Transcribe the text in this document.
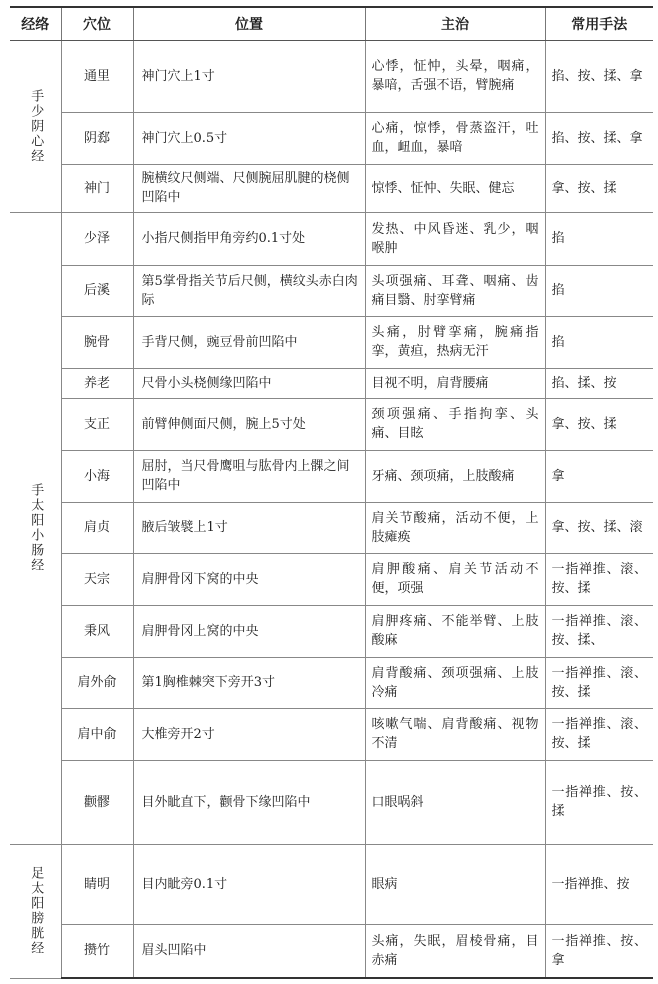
经络	穴位	位置	主治	常用手法
手少阴心经	通里	神门穴上1寸	心悸，怔忡，头晕，咽痛，暴喑，舌强不语，臂腕痛	掐、按、揉、拿
	阴郄	神门穴上0.5寸	心痛，惊悸，骨蒸盗汗，吐血，衄血，暴喑	掐、按、揉、拿
	神门	腕横纹尺侧端、尺侧腕屈肌腱的桡侧凹陷中	惊悸、怔忡、失眠、健忘	拿、按、揉
手太阳小肠经	少泽	小指尺侧指甲角旁约0.1寸处	发热、中风昏迷、乳少，咽喉肿	掐
	后溪	第5掌骨指关节后尺侧，横纹头赤白肉际	头项强痛、耳聋、咽痛、齿痛目翳、肘挛臂痛	掐
	腕骨	手背尺侧，豌豆骨前凹陷中	头痛，肘臂挛痛，腕痛指挛，黄疸，热病无汗	掐
	养老	尺骨小头桡侧缘凹陷中	目视不明，肩背腰痛	掐、揉、按
	支正	前臂伸侧面尺侧，腕上5寸处	颈项强痛、手指拘挛、头痛、目眩	拿、按、揉
	小海	屈肘，当尺骨鹰咀与肱骨内上髁之间凹陷中	牙痛、颈项痛，上肢酸痛	拿
	肩贞	腋后皱襞上1寸	肩关节酸痛，活动不便，上肢瘫痪	拿、按、揉、滚
	天宗	肩胛骨冈下窝的中央	肩胛酸痛、肩关节活动不便，项强	一指禅推、滚、按、揉
	秉风	肩胛骨冈上窝的中央	肩胛疼痛、不能举臂、上肢酸麻	一指禅推、滚、按、揉、
	肩外俞	第1胸椎棘突下旁开3寸	肩背酸痛、颈项强痛、上肢冷痛	一指禅推、滚、按、揉
	肩中俞	大椎旁开2寸	咳嗽气喘、肩背酸痛、视物不清	一指禅推、滚、按、揉
	颧髎	目外眦直下，颧骨下缘凹陷中	口眼㖞斜	一指禅推、按、揉
足太阳膀胱经	睛明	目内眦旁0.1寸	眼病	一指禅推、按
	攒竹	眉头凹陷中	头痛，失眠，眉棱骨痛，目赤痛	一指禅推、按、拿
